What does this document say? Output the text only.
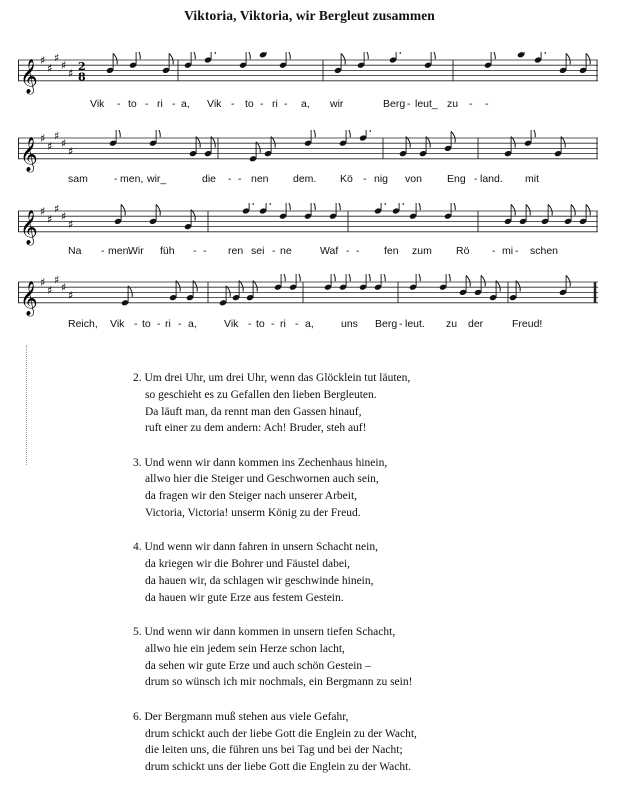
Viktoria, Viktoria, wir Bergleut zusammen
𝄞 ♯
♯
♯
♯
♯
2
8
Vik - to - ri - a, Vik - to - ri - a, wir	Berg - leut_ zu - -
𝄞 ♯
♯
♯
♯
♯
sam - men, wir_	die - - nen dem. Kö - nig von Eng - land. mit
𝄞 ♯
♯
♯
♯
♯
Na - men.
Wir füh - - ren sei - ne	Waf - - fen zum Rö - mi - schen
𝄞 ♯
♯
♯
♯
♯
Reich, Vik - to - ri - a,	Vik - to - ri - a,	uns Berg - leut. zu der	Freud!
2. Um drei Uhr, um drei Uhr, wenn das Glöcklein tut läuten,
so geschieht es zu Gefallen den lieben Bergleuten.
Da läuft man, da rennt man den Gassen hinauf,
ruft einer zu dem andern: Ach! Bruder, steh auf!
3. Und wenn wir dann kommen ins Zechenhaus hinein,
allwo hier die Steiger und Geschwornen auch sein,
da fragen wir den Steiger nach unserer Arbeit,
Victoria, Victoria! unserm König zu der Freud.
4. Und wenn wir dann fahren in unsern Schacht nein,
da kriegen wir die Bohrer und Fäustel dabei,
da hauen wir, da schlagen wir geschwinde hinein,
da hauen wir gute Erze aus festem Gestein.
5. Und wenn wir dann kommen in unsern tiefen Schacht,
allwo hie ein jedem sein Herze schon lacht,
da sehen wir gute Erze und auch schön Gestein –
drum so wünsch ich mir nochmals, ein Bergmann zu sein!
6. Der Bergmann muß stehen aus viele Gefahr,
drum schickt auch der liebe Gott die Englein zu der Wacht,
die leiten uns, die führen uns bei Tag und bei der Nacht;
drum schickt uns der liebe Gott die Englein zu der Wacht.
